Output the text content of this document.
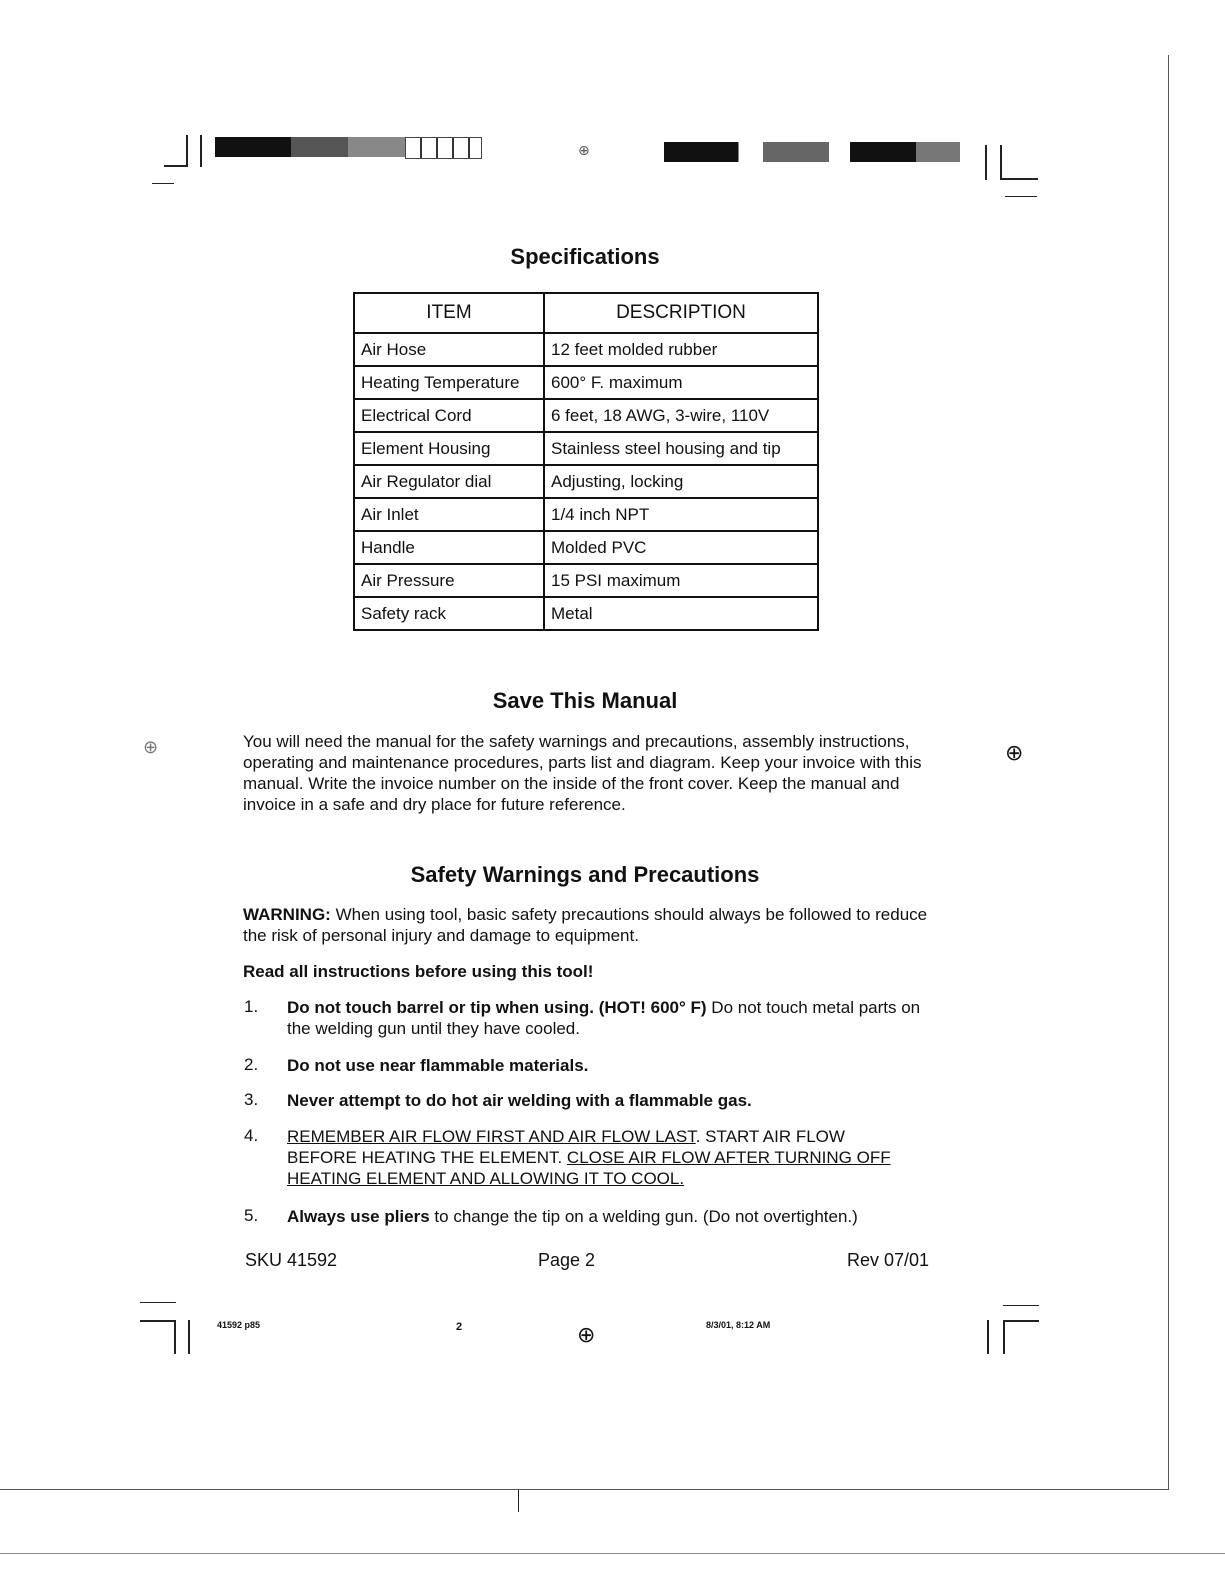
⊕
Specifications
ITEM	DESCRIPTION
Air Hose	12 feet molded rubber
Heating Temperature	600° F. maximum
Electrical Cord	6 feet, 18 AWG, 3-wire, 110V
Element Housing	Stainless steel housing and tip
Air Regulator dial	Adjusting, locking
Air Inlet	1/4 inch NPT
Handle	Molded PVC
Air Pressure	15 PSI maximum
Safety rack	Metal
Save This Manual
⊕	⊕
You will need the manual for the safety warnings and precautions, assembly instructions, operating and maintenance procedures, parts list and diagram. Keep your invoice with this manual. Write the invoice number on the inside of the front cover. Keep the manual and invoice in a safe and dry place for future reference.
Safety Warnings and Precautions
WARNING: When using tool, basic safety precautions should always be followed to reduce the risk of personal injury and damage to equipment.
Read all instructions before using this tool!
1. Do not touch barrel or tip when using. (HOT! 600° F) Do not touch metal parts on the welding gun until they have cooled.
2. Do not use near flammable materials.
3. Never attempt to do hot air welding with a flammable gas.
4. REMEMBER AIR FLOW FIRST AND AIR FLOW LAST. START AIR FLOW BEFORE HEATING THE ELEMENT. CLOSE AIR FLOW AFTER TURNING OFF HEATING ELEMENT AND ALLOWING IT TO COOL.
5. Always use pliers to change the tip on a welding gun. (Do not overtighten.)
SKU 41592	Page 2	Rev 07/01
41592 p85	2	⊕	8/3/01, 8:12 AM
